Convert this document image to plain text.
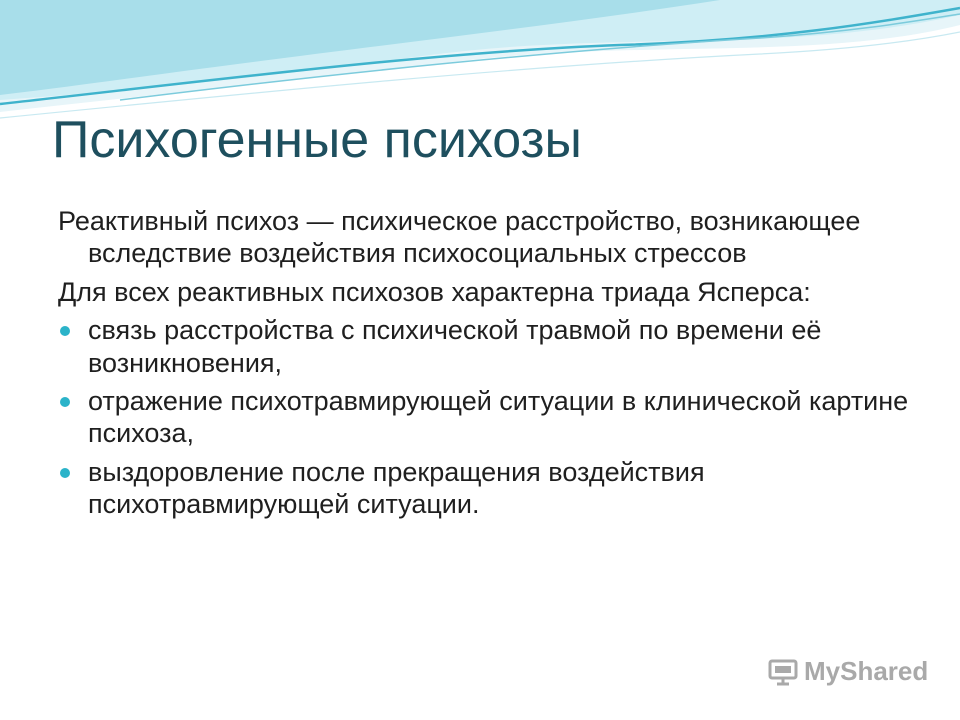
Психогенные психозы

Реактивный психоз — психическое расстройство, возникающее вследствие воздействия психосоциальных стрессов

Для всех реактивных психозов характерна триада Ясперса:

связь расстройства с психической травмой по времени её возникновения,
отражение психотравмирующей ситуации в клинической картине психоза,
выздоровление после прекращения воздействия психотравмирующей ситуации.
MyShared
